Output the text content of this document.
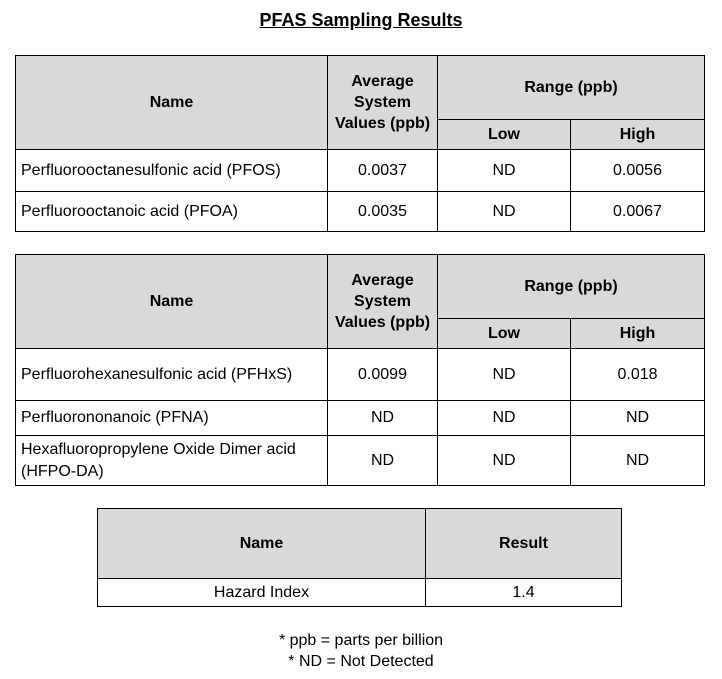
PFAS Sampling Results
Name	Average System Values (ppb)	Range (ppb)	
		Low	High
Perfluorooctanesulfonic acid (PFOS)	0.0037	ND	0.0056
Perfluorooctanoic acid (PFOA)	0.0035	ND	0.0067
Name	Average System Values (ppb)	Range (ppb)	
		Low	High
Perfluorohexanesulfonic acid (PFHxS)	0.0099	ND	0.018
Perfluorononanoic (PFNA)	ND	ND	ND
Hexafluoropropylene Oxide Dimer acid (HFPO-DA)	ND	ND	ND
Name	Result
Hazard Index	1.4
* ppb = parts per billion
* ND = Not Detected
